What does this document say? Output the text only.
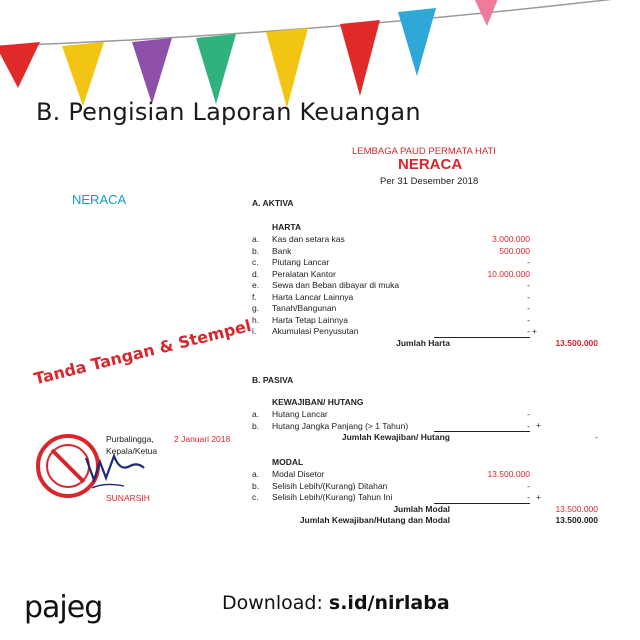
B. Pengisian Laporan Keuangan
LEMBAGA PAUD PERMATA HATI
NERACA
Per 31 Desember 2018
NERACA	A. AKTIVA
HARTA
a. Kas dan setara kas	3.000.000
b. Bank	500.000
c. Piutang Lancar	-
d. Peralatan Kantor	10.000.000
e. Sewa dan Beban dibayar di muka	-
f. Harta Lancar Lainnya	-
g. Tanah/Bangunan	-
h. Harta Tetap Lainnya	-
i. Akumulasi Penyusutan	- +
Jumlah Harta	13.500.000
B. PASIVA
KEWAJIBAN/ HUTANG
a. Hutang Lancar	-
b. Hutang Jangka Panjang (> 1 Tahun)	- +
Jumlah Kewajiban/ Hutang	-
MODAL
a. Modal Disetor	13.500.000
b. Selisih Lebih/(Kurang) Ditahan	-
c. Selisih Lebih/(Kurang) Tahun Ini	- +
Jumlah Modal	13.500.000
Jumlah Kewajiban/Hutang dan Modal	13.500.000
Tanda Tangan & Stempel
Purbalingga, 2 Januari 2018
Kepala/Ketua
SUNARSIH
pajeg	Download: s.id/nirlaba
